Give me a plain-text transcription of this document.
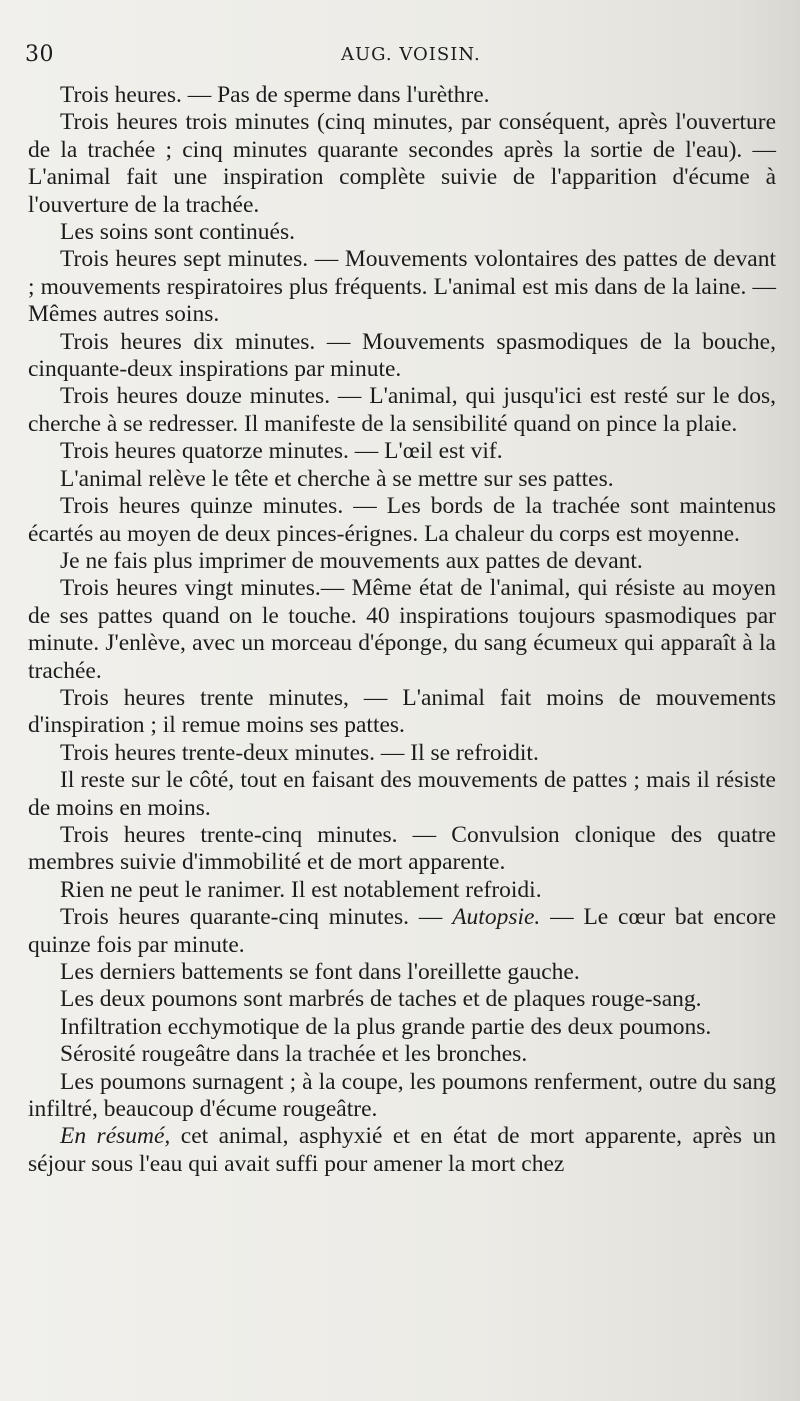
30	AUG. VOISIN.

Trois heures. — Pas de sperme dans l'urèthre.

Trois heures trois minutes (cinq minutes, par conséquent, après l'ouverture de la trachée ; cinq minutes quarante secondes après la sortie de l'eau). — L'animal fait une inspiration complète suivie de l'apparition d'écume à l'ouverture de la trachée.

Les soins sont continués.

Trois heures sept minutes. — Mouvements volontaires des pattes de devant ; mouvements respiratoires plus fréquents. L'animal est mis dans de la laine. — Mêmes autres soins.

Trois heures dix minutes. — Mouvements spasmodiques de la bouche, cinquante-deux inspirations par minute.

Trois heures douze minutes. — L'animal, qui jusqu'ici est resté sur le dos, cherche à se redresser. Il manifeste de la sensibilité quand on pince la plaie.

Trois heures quatorze minutes. — L'œil est vif.

L'animal relève le tête et cherche à se mettre sur ses pattes.

Trois heures quinze minutes. — Les bords de la trachée sont maintenus écartés au moyen de deux pinces-érignes. La chaleur du corps est moyenne.

Je ne fais plus imprimer de mouvements aux pattes de devant.

Trois heures vingt minutes.— Même état de l'animal, qui résiste au moyen de ses pattes quand on le touche. 40 inspirations toujours spasmodiques par minute. J'enlève, avec un morceau d'éponge, du sang écumeux qui apparaît à la trachée.

Trois heures trente minutes, — L'animal fait moins de mouvements d'inspiration ; il remue moins ses pattes.

Trois heures trente-deux minutes. — Il se refroidit.

Il reste sur le côté, tout en faisant des mouvements de pattes ; mais il résiste de moins en moins.

Trois heures trente-cinq minutes. — Convulsion clonique des quatre membres suivie d'immobilité et de mort apparente.

Rien ne peut le ranimer. Il est notablement refroidi.

Trois heures quarante-cinq minutes. — Autopsie. — Le cœur bat encore quinze fois par minute.

Les derniers battements se font dans l'oreillette gauche.

Les deux poumons sont marbrés de taches et de plaques rouge-sang.

Infiltration ecchymotique de la plus grande partie des deux poumons.

Sérosité rougeâtre dans la trachée et les bronches.

Les poumons surnagent ; à la coupe, les poumons renferment, outre du sang infiltré, beaucoup d'écume rougeâtre.

En résumé, cet animal, asphyxié et en état de mort apparente, après un séjour sous l'eau qui avait suffi pour amener la mort chez
